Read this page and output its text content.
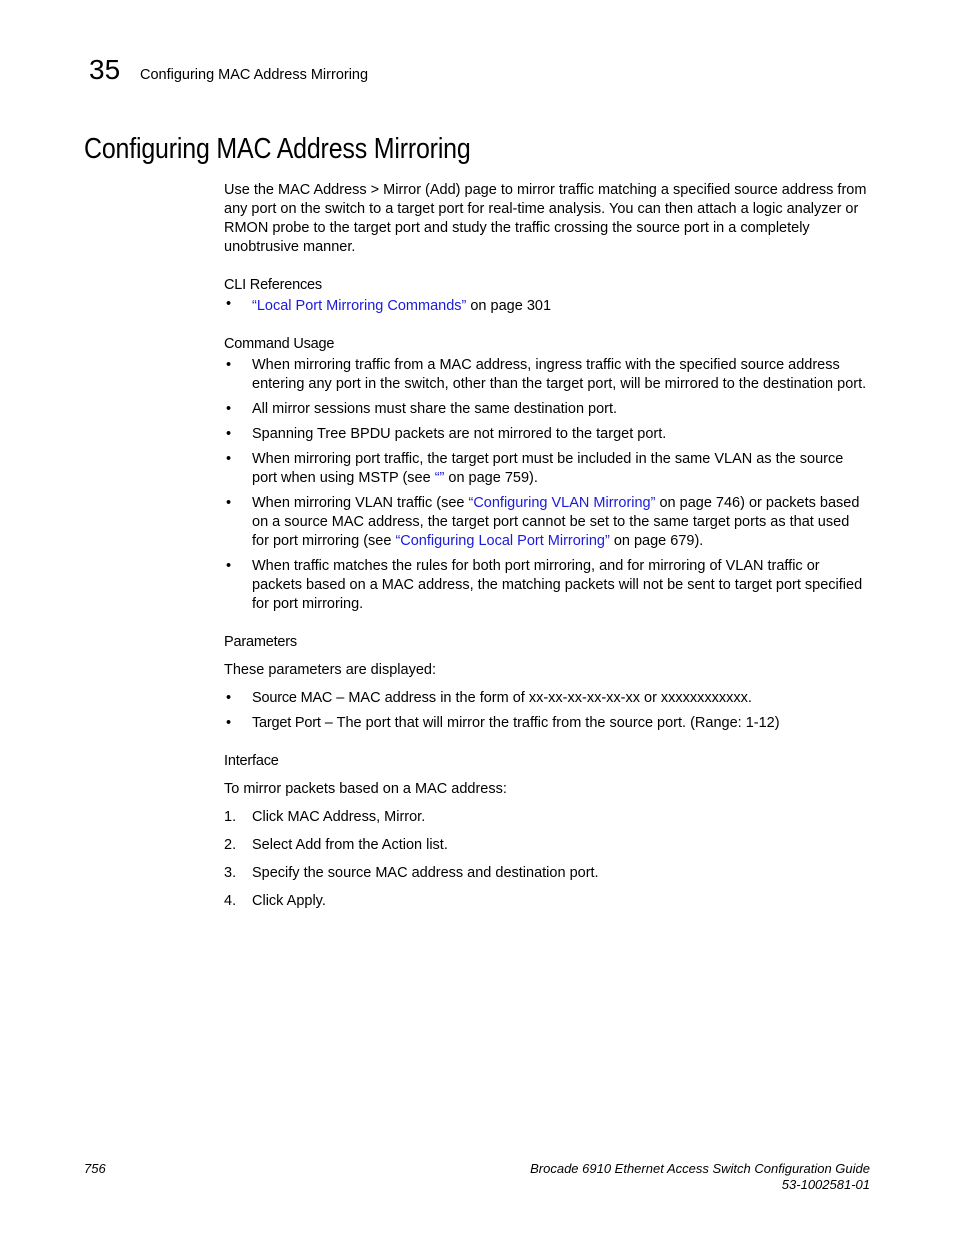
35 Configuring MAC Address Mirroring
Configuring MAC Address Mirroring

Use the MAC Address > Mirror (Add) page to mirror traffic matching a specified source address from any port on the switch to a target port for real-time analysis. You can then attach a logic analyzer or RMON probe to the target port and study the traffic crossing the source port in a completely unobtrusive manner.

CLI References
• “Local Port Mirroring Commands” on page 301
Command Usage
• When mirroring traffic from a MAC address, ingress traffic with the specified source address entering any port in the switch, other than the target port, will be mirrored to the destination port.
• All mirror sessions must share the same destination port.
• Spanning Tree BPDU packets are not mirrored to the target port.
• When mirroring port traffic, the target port must be included in the same VLAN as the source port when using MSTP (see “” on page 759).
• When mirroring VLAN traffic (see “Configuring VLAN Mirroring” on page 746) or packets based on a source MAC address, the target port cannot be set to the same target ports as that used for port mirroring (see “Configuring Local Port Mirroring” on page 679).
• When traffic matches the rules for both port mirroring, and for mirroring of VLAN traffic or packets based on a MAC address, the matching packets will not be sent to target port specified for port mirroring.
Parameters

These parameters are displayed:

• Source MAC – MAC address in the form of xx-xx-xx-xx-xx-xx or xxxxxxxxxxxx.
• Target Port – The port that will mirror the traffic from the source port. (Range: 1-12)
Interface

To mirror packets based on a MAC address:

1. Click MAC Address, Mirror.
2. Select Add from the Action list.
3. Specify the source MAC address and destination port.
4. Click Apply.
756	Brocade 6910 Ethernet Access Switch Configuration Guide
53-1002581-01
